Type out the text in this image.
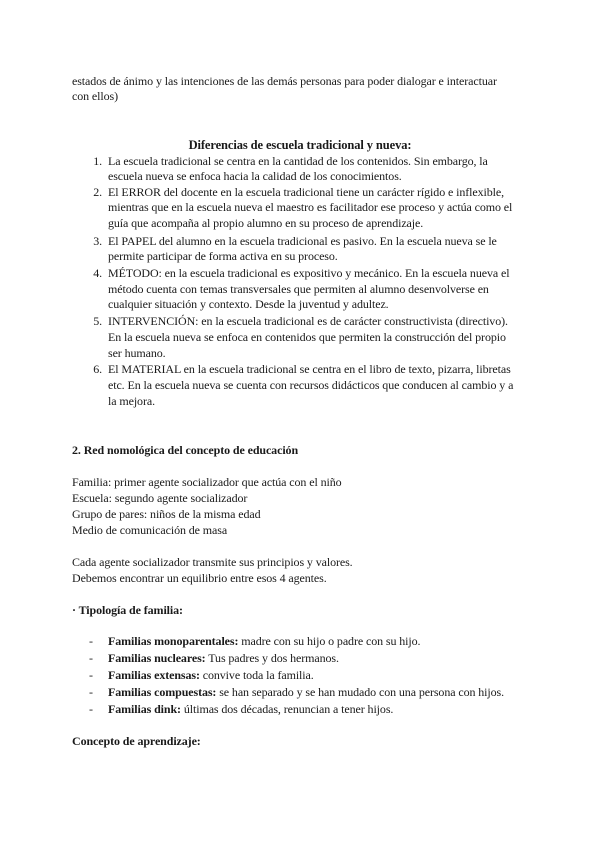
estados de ánimo y las intenciones de las demás personas para poder dialogar e interactuar
con ellos)
Diferencias de escuela tradicional y nueva:
1. La escuela tradicional se centra en la cantidad de los contenidos. Sin embargo, la
escuela nueva se enfoca hacia la calidad de los conocimientos.
2. El ERROR del docente en la escuela tradicional tiene un carácter rígido e inflexible,
mientras que en la escuela nueva el maestro es facilitador ese proceso y actúa como el
guía que acompaña al propio alumno en su proceso de aprendizaje.
3. El PAPEL del alumno en la escuela tradicional es pasivo. En la escuela nueva se le
permite participar de forma activa en su proceso.
4. MÉTODO: en la escuela tradicional es expositivo y mecánico. En la escuela nueva el
método cuenta con temas transversales que permiten al alumno desenvolverse en
cualquier situación y contexto. Desde la juventud y adultez.
5. INTERVENCIÓN: en la escuela tradicional es de carácter constructivista (directivo).
En la escuela nueva se enfoca en contenidos que permiten la construcción del propio
ser humano.
6. El MATERIAL en la escuela tradicional se centra en el libro de texto, pizarra, libretas
etc. En la escuela nueva se cuenta con recursos didácticos que conducen al cambio y a
la mejora.
2. Red nomológica del concepto de educación
Familia: primer agente socializador que actúa con el niño
Escuela: segundo agente socializador
Grupo de pares: niños de la misma edad
Medio de comunicación de masa
Cada agente socializador transmite sus principios y valores.
Debemos encontrar un equilibrio entre esos 4 agentes.
· Tipología de familia:
- Familias monoparentales: madre con su hijo o padre con su hijo.
- Familias nucleares: Tus padres y dos hermanos.
- Familias extensas: convive toda la familia.
- Familias compuestas: se han separado y se han mudado con una persona con hijos.
- Familias dink: últimas dos décadas, renuncian a tener hijos.
Concepto de aprendizaje:
